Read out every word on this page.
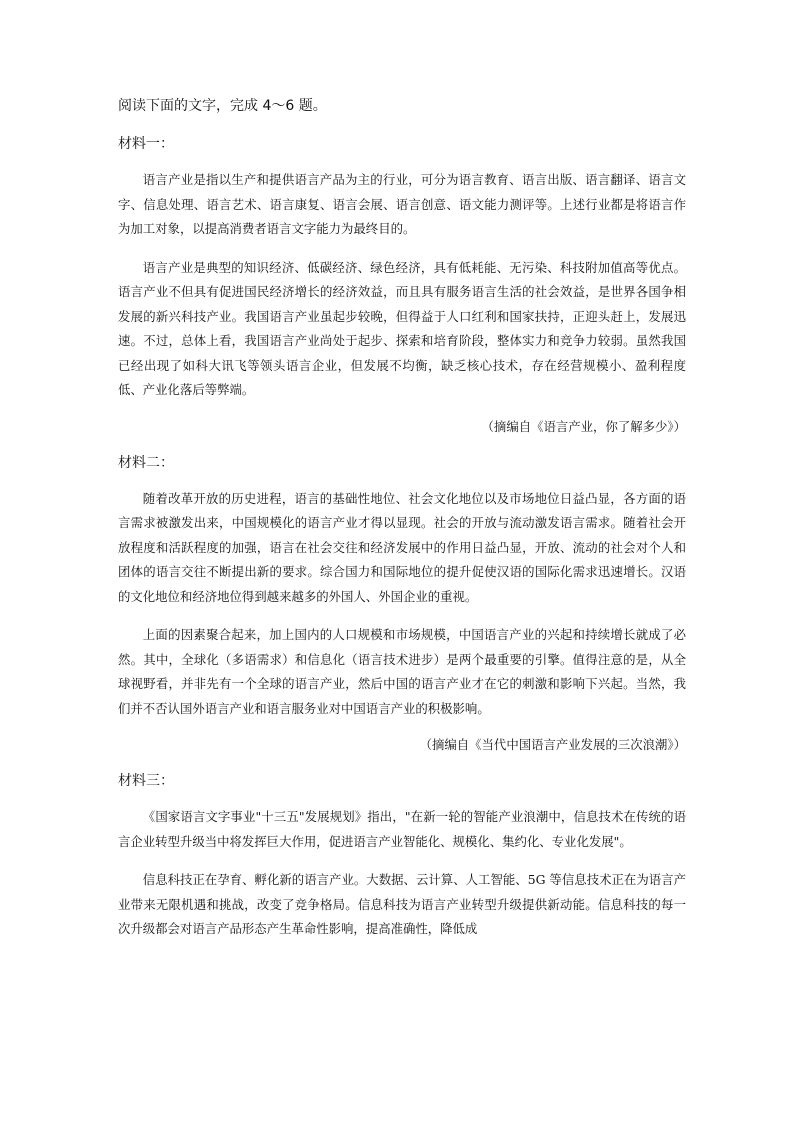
阅读下面的文字，完成 4～6 题。

材料一：

语言产业是指以生产和提供语言产品为主的行业，可分为语言教育、语言出版、语言翻译、语言文字、信息处理、语言艺术、语言康复、语言会展、语言创意、语文能力测评等。上述行业都是将语言作为加工对象，以提高消费者语言文字能力为最终目的。

语言产业是典型的知识经济、低碳经济、绿色经济，具有低耗能、无污染、科技附加值高等优点。语言产业不但具有促进国民经济增长的经济效益，而且具有服务语言生活的社会效益，是世界各国争相发展的新兴科技产业。我国语言产业虽起步较晚，但得益于人口红利和国家扶持，正迎头赶上，发展迅速。不过，总体上看，我国语言产业尚处于起步、探索和培育阶段，整体实力和竞争力较弱。虽然我国已经出现了如科大讯飞等领头语言企业，但发展不均衡，缺乏核心技术，存在经营规模小、盈利程度低、产业化落后等弊端。

（摘编自《语言产业，你了解多少》）

材料二：

随着改革开放的历史进程，语言的基础性地位、社会文化地位以及市场地位日益凸显，各方面的语言需求被激发出来，中国规模化的语言产业才得以显现。社会的开放与流动激发语言需求。随着社会开放程度和活跃程度的加强，语言在社会交往和经济发展中的作用日益凸显，开放、流动的社会对个人和团体的语言交往不断提出新的要求。综合国力和国际地位的提升促使汉语的国际化需求迅速增长。汉语的文化地位和经济地位得到越来越多的外国人、外国企业的重视。

上面的因素聚合起来，加上国内的人口规模和市场规模，中国语言产业的兴起和持续增长就成了必然。其中，全球化（多语需求）和信息化（语言技术进步）是两个最重要的引擎。值得注意的是，从全球视野看，并非先有一个全球的语言产业，然后中国的语言产业才在它的刺激和影响下兴起。当然，我们并不否认国外语言产业和语言服务业对中国语言产业的积极影响。

（摘编自《当代中国语言产业发展的三次浪潮》）

材料三：

《国家语言文字事业"十三五"发展规划》指出，"在新一轮的智能产业浪潮中，信息技术在传统的语言企业转型升级当中将发挥巨大作用，促进语言产业智能化、规模化、集约化、专业化发展"。

信息科技正在孕育、孵化新的语言产业。大数据、云计算、人工智能、5G 等信息技术正在为语言产业带来无限机遇和挑战，改变了竞争格局。信息科技为语言产业转型升级提供新动能。信息科技的每一次升级都会对语言产品形态产生革命性影响，提高准确性，降低成
